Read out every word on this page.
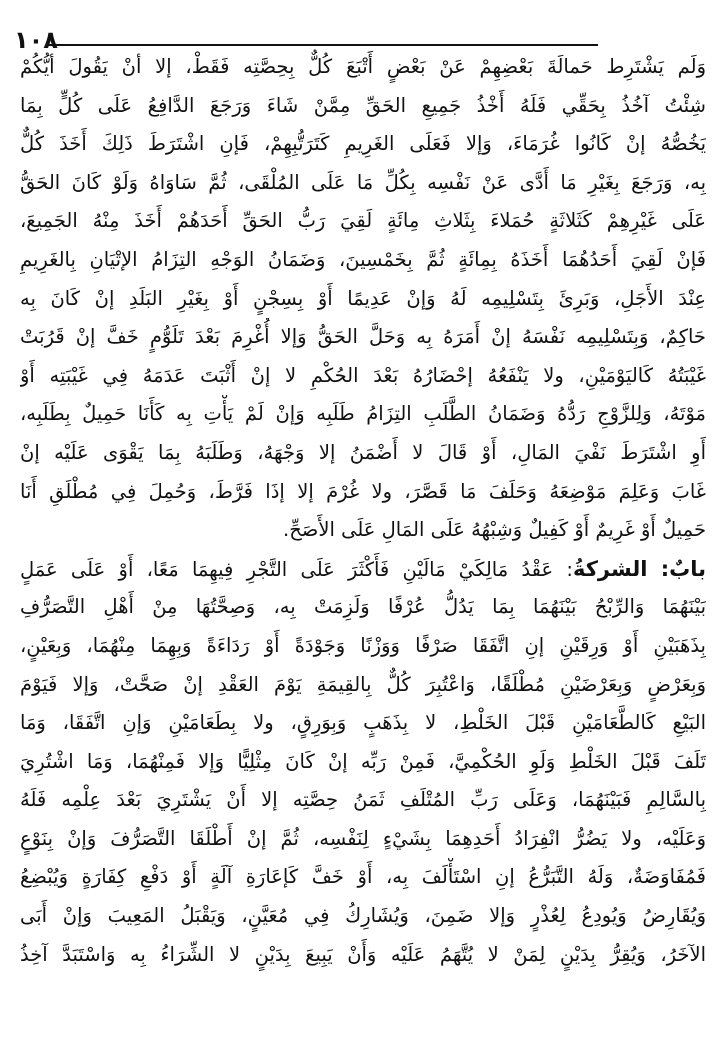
١٠٨
وَلَم يَشْتَرِط حَمالَةَ بَعْضِهِمْ عَنْ بَعْضٍ أَتْبَعَ كُلٌّ بِحِصَّتِه فَقَطْ، إلا أنْ يَقُولَ أيُّكُمْ
شِئْتُ آخُذُ بِحَقِّي فَلَهُ أَخْذُ جَمِيعِ الحَقِّ مِمَّنْ شَاءَ وَرَجَعَ الدَّافِعُ عَلَى كُلٍّ بِمَا
يَخُصُّهُ إنْ كَانُوا غُرَمَاءَ، وَإلا فَعَلَى الغَرِيمِ كَتَرَتُّبِهِمْ، فَإنِ اشْتَرَطَ ذَلِكَ أَخَذَ كُلٌّ
بِه، وَرَجَعَ بِغَيْرِ مَا أَدَّى عَنْ نَفْسِه بِكُلِّ مَا عَلَى المُلْقَى، ثُمَّ سَاوَاهُ وَلَوْ كَانَ الحَقُّ
عَلَى غَيْرِهِمْ كَثَلاثَةٍ حُمَلاءَ بِثَلاثِ مِائَةٍ لَقِيَ رَبُّ الحَقِّ أَحَدَهُمْ أَخَذَ مِنْهُ الجَمِيعَ،
فَإنْ لَقِيَ أَحَدُهُمَا أَخَذَهُ بِمِائَةٍ ثُمَّ بِخَمْسِينَ، وَضَمَانُ الوَجْهِ التِزَامُ الإتْيَانِ بِالغَرِيمِ
عِنْدَ الأَجَلِ، وَبَرِئَ بِتَسْلِيمِه لَهُ وَإنْ عَدِيمًا أَوْ بِسِجْنٍ أَوْ بِغَيْرِ البَلَدِ إنْ كَانَ بِه
حَاكِمٌ، وَبِتَسْلِيمِه نَفْسَهُ إنْ أَمَرَهُ بِه وَحَلَّ الحَقُّ وَإلا أُغْرِمَ بَعْدَ تَلَوُّمٍ خَفَّ إنْ قَرُبَتْ
غَيْبَتُهُ كَاليَوْمَيْنِ، ولا يَنْفَعُهُ إحْضَارُهُ بَعْدَ الحُكْمِ لا إنْ أَثْبَتَ عَدَمَهُ فِي غَيْبَتِه أَوْ
مَوْتَهُ، وَلِلزَّوْجِ رَدُّهُ وَضَمَانُ الطَّلَبِ التِزَامُ طَلَبِه وَإنْ لَمْ يَأْتِ بِه كَأَنَا حَمِيلٌ بِطَلَبِه،
أَوِ اشْتَرَطَ نَفْيَ المَالِ، أَوْ قَالَ لا أَضْمَنُ إلا وَجْهَهُ، وَطَلَبَهُ بِمَا يَقْوَى عَلَيْه إنْ
غَابَ وَعَلِمَ مَوْضِعَهُ وَحَلَفَ مَا قَصَّرَ، ولا غُرْمَ إلا إذَا فَرَّطَ، وَحُمِلَ فِي مُطْلَقِ أَنَا
حَمِيلٌ أَوْ غَرِيمٌ أَوْ كَفِيلٌ وَشِبْهُهُ عَلَى المَالِ عَلَى الأَصَحِّ.
بابٌ: الشركةُ: عَقْدُ مَالِكَيْ مَالَيْنِ فَأَكْثَرَ عَلَى التَّجْرِ فِيهِمَا مَعًا، أَوْ عَلَى عَمَلٍ
بَيْنَهُمَا وَالرِّبْحُ بَيْنَهُمَا بِمَا يَدُلُّ عُرْفًا وَلَزِمَتْ بِه، وَصِحَّتُهَا مِنْ أَهْلِ التَّصَرُّفِ
بِذَهَبَيْنِ أَوْ وَرِقَيْنِ إنِ اتَّفَقَا صَرْفًا وَوَزْنًا وَجَوْدَةً أَوْ رَدَاءَةً وَبِهِمَا مِنْهُمَا، وَبِعَيْنٍ،
وَبِعَرْضٍ وَبِعَرْضَيْنِ مُطْلَقًا، وَاعْتُبِرَ كُلٌّ بِالقِيمَةِ يَوْمَ العَقْدِ إنْ صَحَّتْ، وَإلا فَيَوْمَ
البَيْعِ كَالطَّعَامَيْنِ قَبْلَ الخَلْطِ، لا بِذَهَبٍ وَبِوَرِقٍ، ولا بِطَعَامَيْنِ وَإنِ اتَّفَقَا، وَمَا
تَلَفَ قَبْلَ الخَلْطِ وَلَوِ الحُكْمِيَّ، فَمِنْ رَبِّه إنْ كَانَ مِثْلِيًّا وَإلا فَمِنْهُمَا، وَمَا اشْتُرِيَ
بِالسَّالِمِ فَبَيْنَهُمَا، وَعَلَى رَبِّ المُتْلَفِ ثَمَنُ حِصَّتِه إلا أَنْ يَشْتَرِيَ بَعْدَ عِلْمِه فَلَهُ
وَعَلَيْه، ولا يَضُرُّ انْفِرَادُ أَحَدِهِمَا بِشَيْءٍ لِنَفْسِه، ثُمَّ إنْ أَطْلَقَا التَّصَرُّفَ وَإنْ بِنَوْعٍ
فَمُفَاوَضَةٌ، وَلَهُ التَّبَرُّعُ إنِ اسْتَأْلَفَ بِه، أَوْ خَفَّ كَإعَارَةِ آلَةٍ أَوْ دَفْعِ كِفَارَةٍ وَيُبْضِعُ
وَيُقَارِضُ وَيُودِعُ لِعُذْرٍ وَإلا ضَمِنَ، وَيُشَارِكُ فِي مُعَيَّنٍ، وَيَقْبَلُ المَعِيبَ وَإنْ أَبَى
الآخَرُ، وَيُقِرُّ بِدَيْنٍ لِمَنْ لا يُتَّهَمُ عَلَيْه وَأَنْ يَبِيعَ بِدَيْنٍ لا الشِّرَاءُ بِه وَاسْتَبَدَّ آخِذُ
